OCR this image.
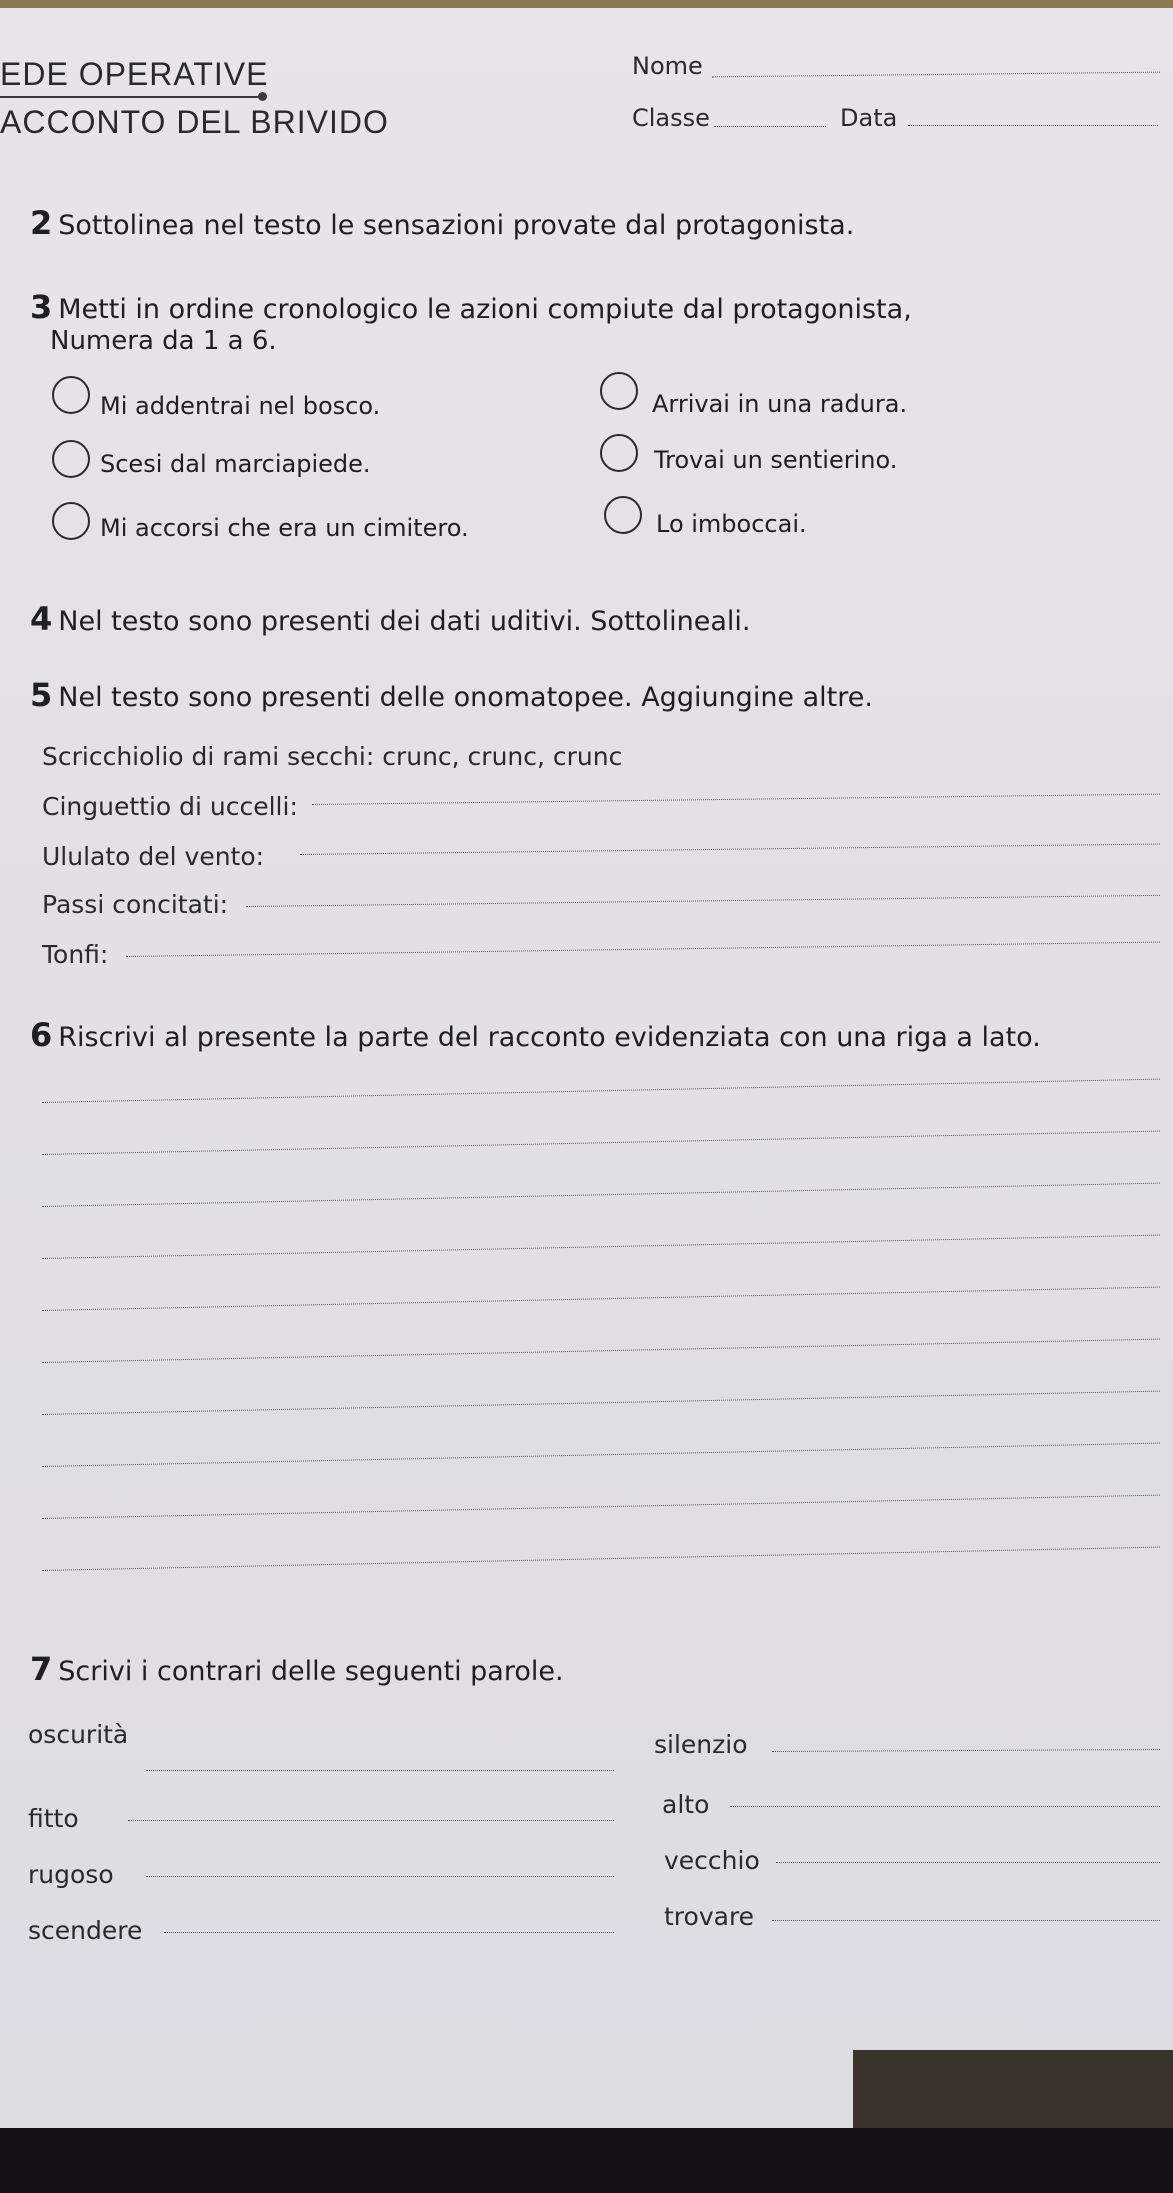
EDE OPERATIVE
ACCONTO DEL BRIVIDO
Nome
Classe	Data
2 Sottolinea nel testo le sensazioni provate dal protagonista.
3 Metti in ordine cronologico le azioni compiute dal protagonista,
Numera da 1 a 6.
Mi addentrai nel bosco.	Arrivai in una radura.
Scesi dal marciapiede.	Trovai un sentierino.
Mi accorsi che era un cimitero.	Lo imboccai.
4 Nel testo sono presenti dei dati uditivi. Sottolineali.
5 Nel testo sono presenti delle onomatopee. Aggiungine altre.
Scricchiolio di rami secchi: crunc, crunc, crunc
Cinguettio di uccelli:
Ululato del vento:
Passi concitati:
Tonfi:
6 Riscrivi al presente la parte del racconto evidenziata con una riga a lato.
7 Scrivi i contrari delle seguenti parole.
oscurità	silenzio
fitto	alto
rugoso	vecchio
scendere	trovare
